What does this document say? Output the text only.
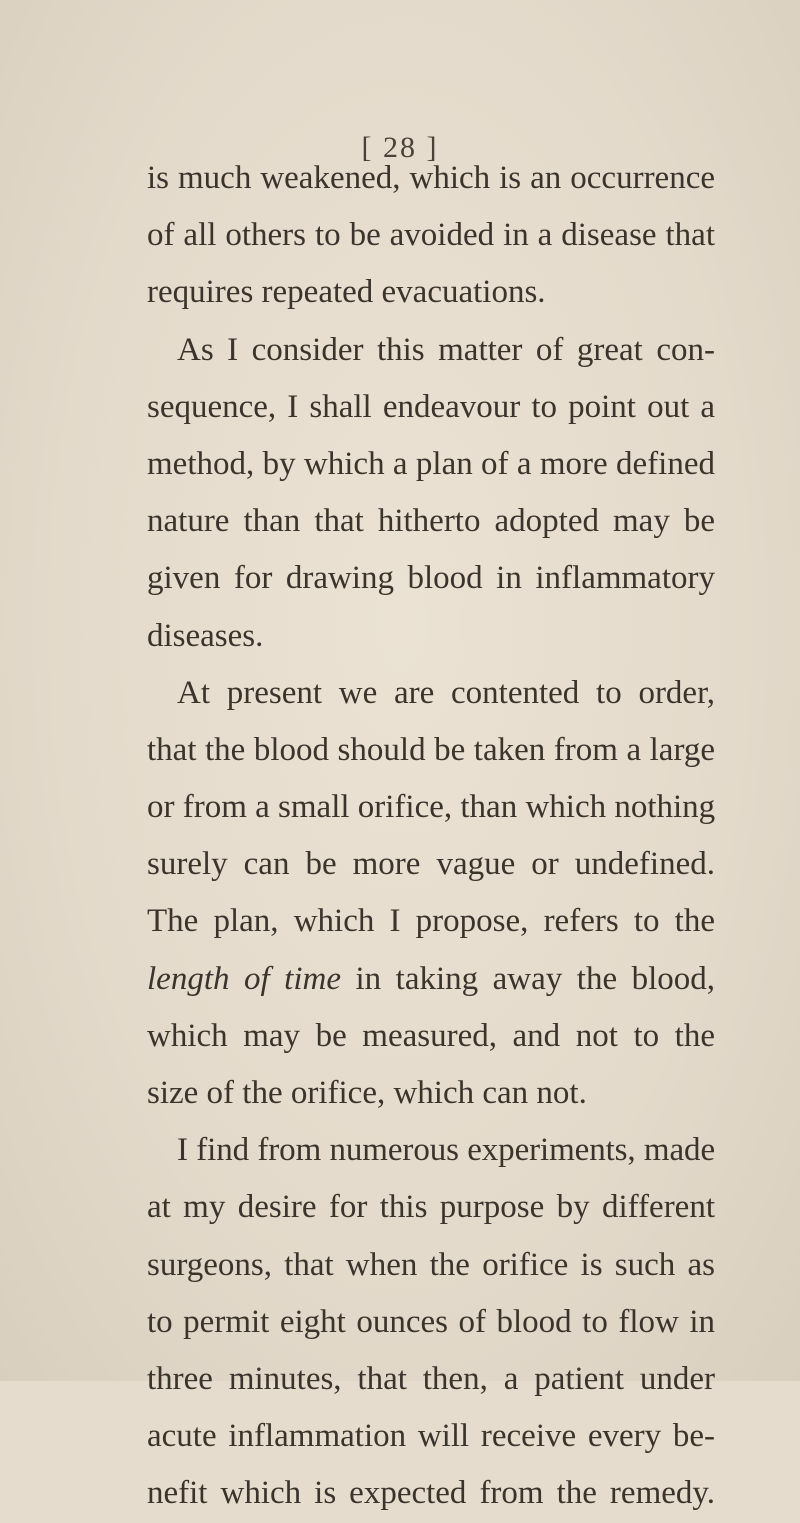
[ 28 ]
is much weakened, which is an occurrence
of all others to be avoided in a disease that
requires repeated evacuations.
As I consider this matter of great con-
sequence, I shall endeavour to point out a
method, by which a plan of a more defined
nature than that hitherto adopted may be
given for drawing blood in inflammatory
diseases.
At present we are contented to order,
that the blood should be taken from a large
or from a small orifice, than which nothing
surely can be more vague or undefined.
The plan, which I propose, refers to the
length of time in taking away the blood,
which may be measured, and not to the
size of the orifice, which can not.
I find from numerous experiments, made
at my desire for this purpose by different
surgeons, that when the orifice is such as
to permit eight ounces of blood to flow in
three minutes, that then, a patient under
acute inflammation will receive every be-
nefit which is expected from the remedy.
